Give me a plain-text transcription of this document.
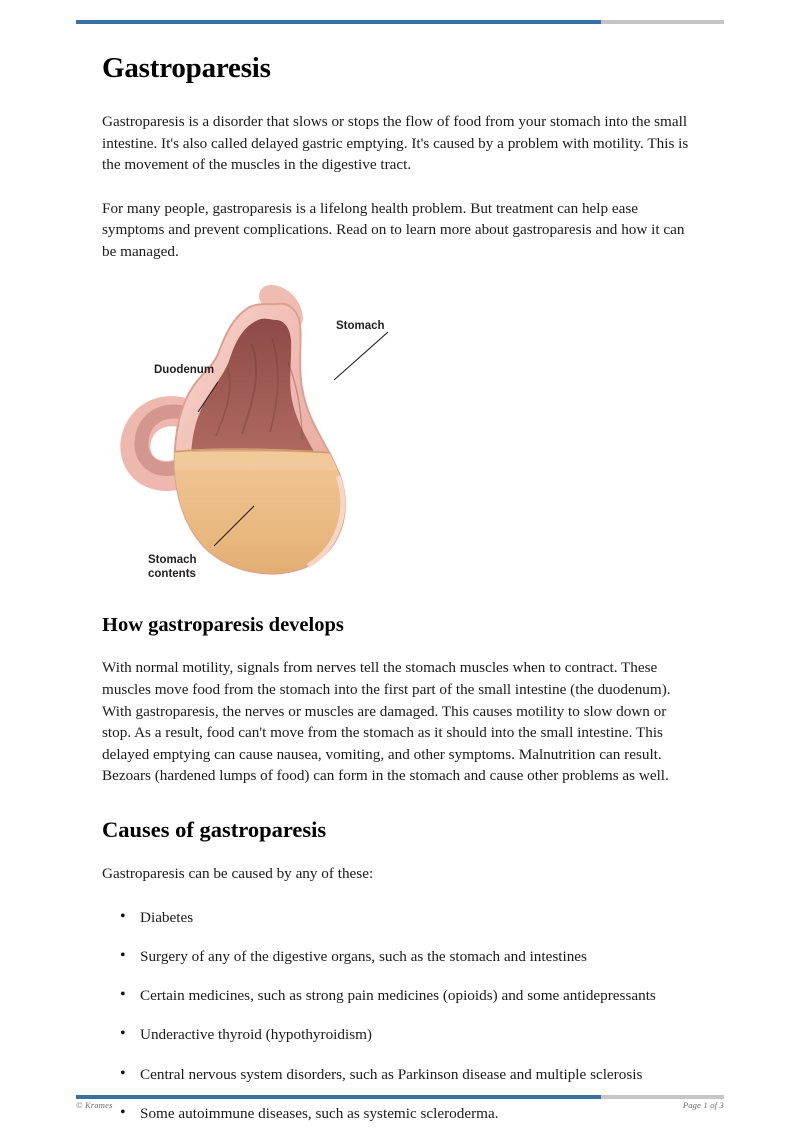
Gastroparesis

Gastroparesis is a disorder that slows or stops the flow of food from your stomach into the small intestine. It's also called delayed gastric emptying. It's caused by a problem with motility. This is the movement of the muscles in the digestive tract.

For many people, gastroparesis is a lifelong health problem. But treatment can help ease symptoms and prevent complications. Read on to learn more about gastroparesis and how it can be managed.

Stomach
Duodenum
Stomach
contents
How gastroparesis develops

With normal motility, signals from nerves tell the stomach muscles when to contract. These muscles move food from the stomach into the first part of the small intestine (the duodenum). With gastroparesis, the nerves or muscles are damaged. This causes motility to slow down or stop. As a result, food can't move from the stomach as it should into the small intestine. This delayed emptying can cause nausea, vomiting, and other symptoms. Malnutrition can result. Bezoars (hardened lumps of food) can form in the stomach and cause other problems as well.

Causes of gastroparesis

Gastroparesis can be caused by any of these:

• Diabetes
• Surgery of any of the digestive organs, such as the stomach and intestines
• Certain medicines, such as strong pain medicines (opioids) and some antidepressants
• Underactive thyroid (hypothyroidism)
• Central nervous system disorders, such as Parkinson disease and multiple sclerosis
• Some autoimmune diseases, such as systemic scleroderma.
© Krames	Page 1 of 3
